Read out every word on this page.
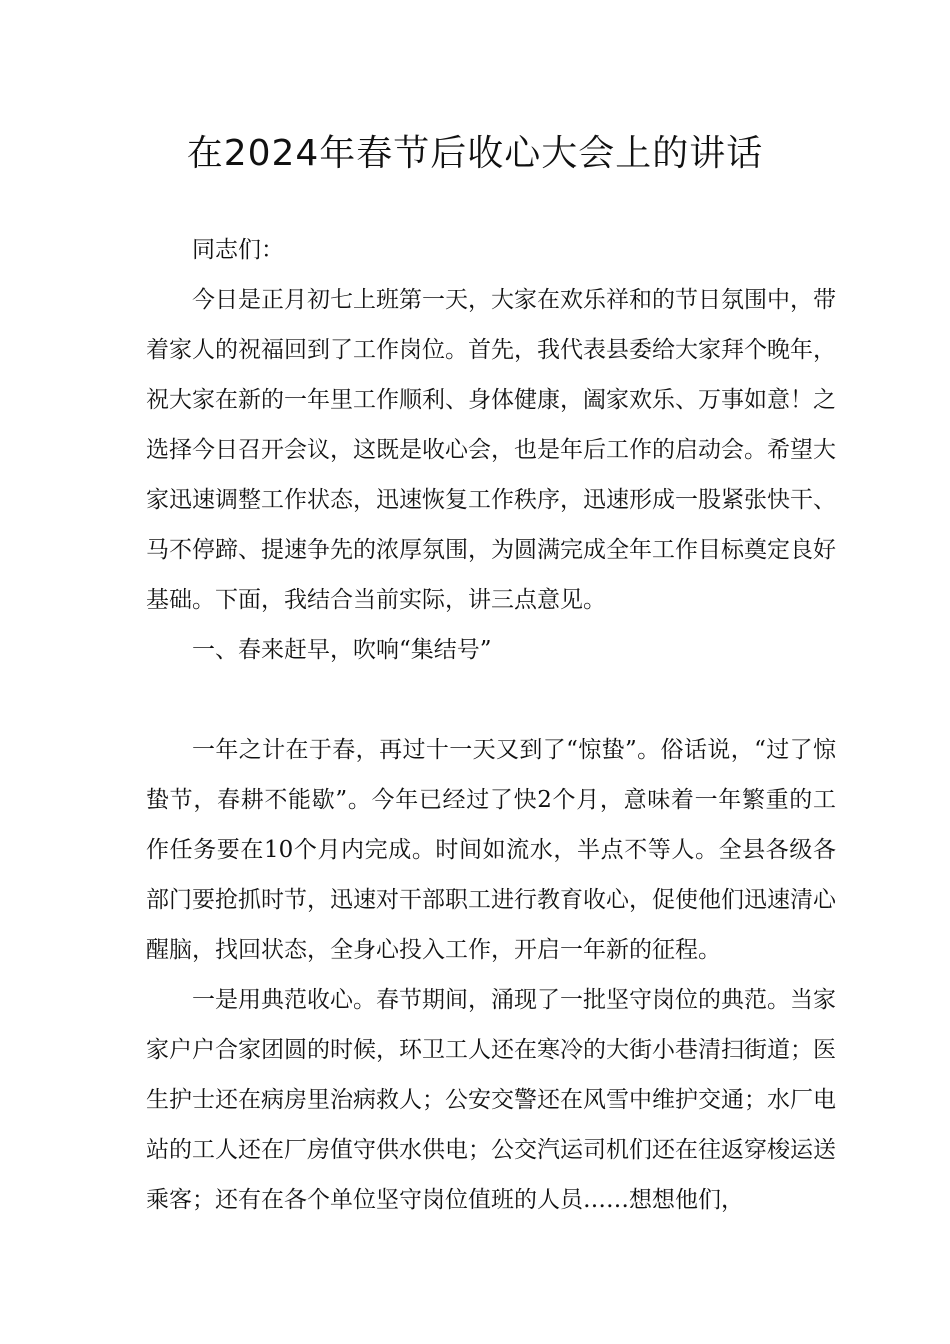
在2024年春节后收心大会上的讲话

同志们：

今日是正月初七上班第一天，大家在欢乐祥和的节日氛围中，带着家人的祝福回到了工作岗位。首先，我代表县委给大家拜个晚年，祝大家在新的一年里工作顺利、身体健康，阖家欢乐、万事如意！之选择今日召开会议，这既是收心会，也是年后工作的启动会。希望大家迅速调整工作状态，迅速恢复工作秩序，迅速形成一股紧张快干、马不停蹄、提速争先的浓厚氛围，为圆满完成全年工作目标奠定良好基础。下面，我结合当前实际，讲三点意见。

一、春来赶早，吹响“集结号”

一年之计在于春，再过十一天又到了“惊蛰”。俗话说，“过了惊蛰节，春耕不能歇”。今年已经过了快2个月，意味着一年繁重的工作任务要在10个月内完成。时间如流水，半点不等人。全县各级各部门要抢抓时节，迅速对干部职工进行教育收心，促使他们迅速清心醒脑，找回状态，全身心投入工作，开启一年新的征程。

一是用典范收心。春节期间，涌现了一批坚守岗位的典范。当家家户户合家团圆的时候，环卫工人还在寒冷的大街小巷清扫街道；医生护士还在病房里治病救人；公安交警还在风雪中维护交通；水厂电站的工人还在厂房值守供水供电；公交汽运司机们还在往返穿梭运送乘客；还有在各个单位坚守岗位值班的人员……想想他们，
